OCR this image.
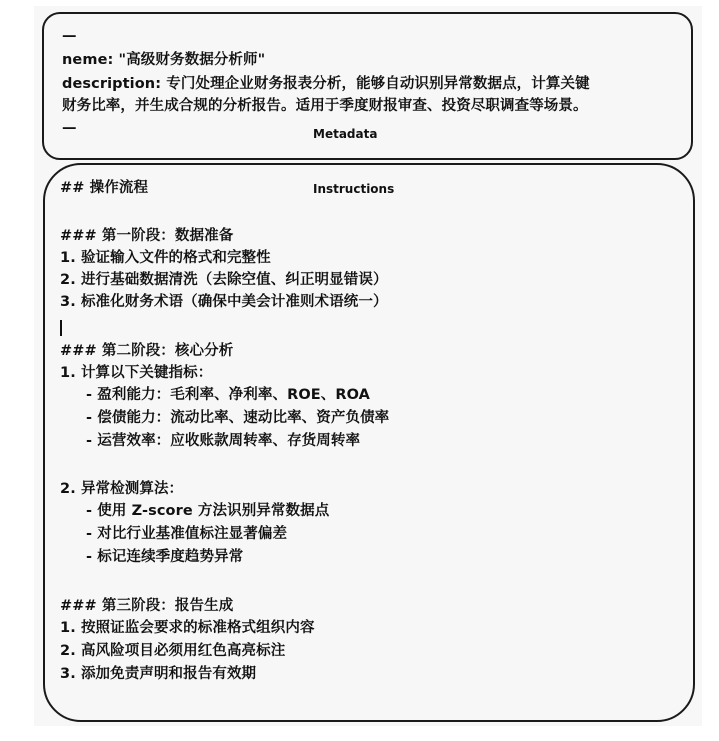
—
neme: "高级财务数据分析师"
description: 专门处理企业财务报表分析，能够自动识别异常数据点，计算关键
财务比率，并生成合规的分析报告。适用于季度财报审查、投资尽职调查等场景。
—	Metadata
## 操作流程	Instructions
### 第一阶段：数据准备
1. 验证输入文件的格式和完整性
2. 进行基础数据清洗（去除空值、纠正明显错误）
3. 标准化财务术语（确保中美会计准则术语统一）
### 第二阶段：核心分析
1. 计算以下关键指标：
- 盈利能力：毛利率、净利率、ROE、ROA
- 偿债能力：流动比率、速动比率、资产负债率
- 运营效率：应收账款周转率、存货周转率
2. 异常检测算法：
- 使用 Z-score 方法识别异常数据点
- 对比行业基准值标注显著偏差
- 标记连续季度趋势异常
### 第三阶段：报告生成
1. 按照证监会要求的标准格式组织内容
2. 高风险项目必须用红色高亮标注
3. 添加免责声明和报告有效期
